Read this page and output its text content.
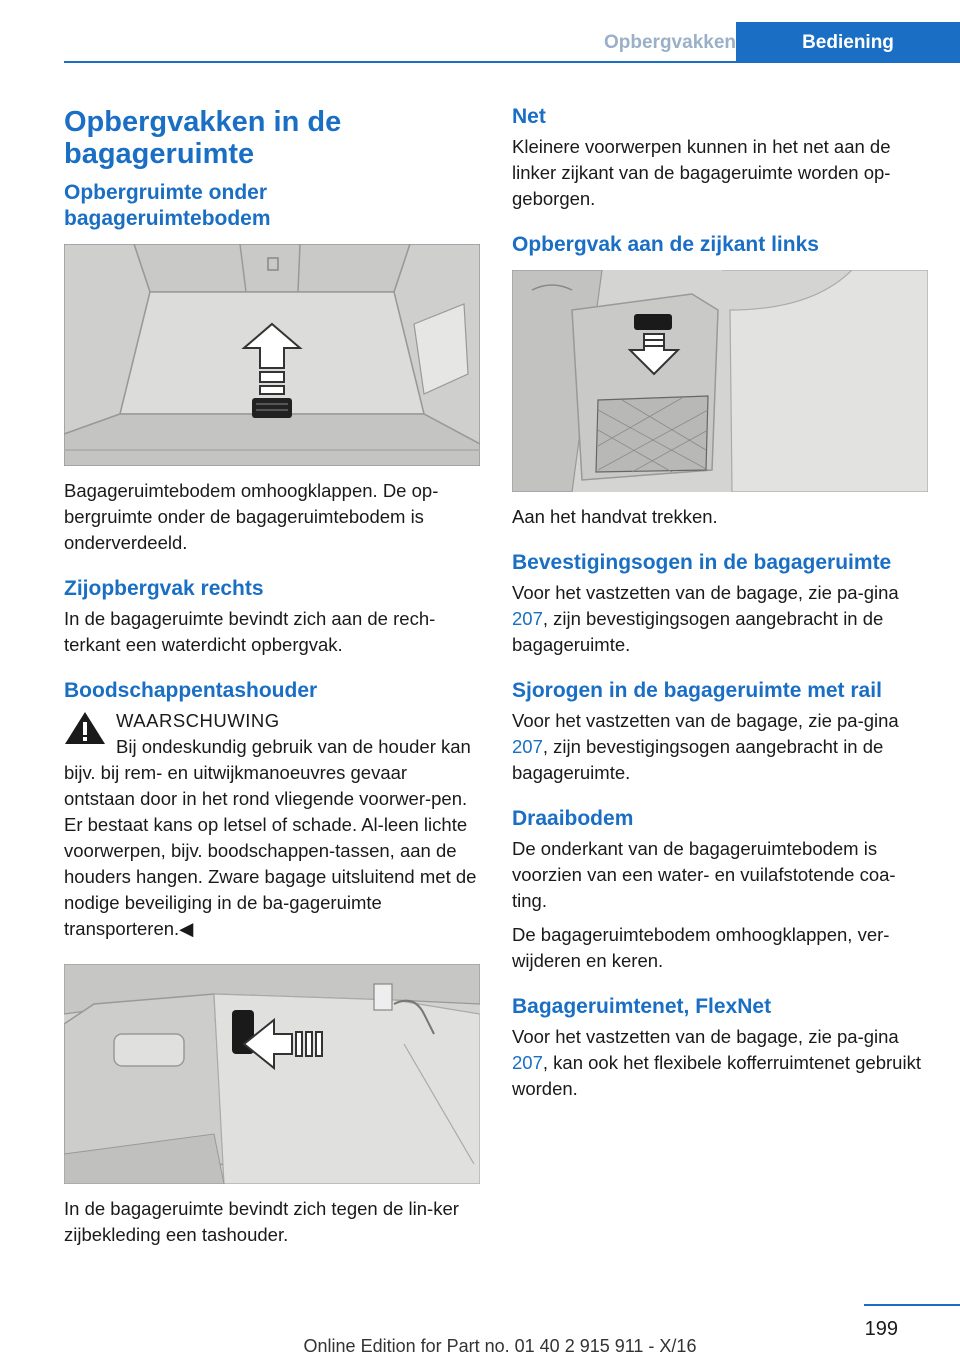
Opbergvakken	Bediening
Opbergvakken in de bagageruimte
Opbergruimte onder bagageruimtebodem

Bagageruimtebodem omhoogklappen. De op-bergruimte onder de bagageruimtebodem is onderverdeeld.

Zijopbergvak rechts

In de bagageruimte bevindt zich aan de rech-terkant een waterdicht opbergvak.

Boodschappentashouder
WAARSCHUWING

Bij ondeskundig gebruik van de houder kan bijv. bij rem- en uitwijkmanoeuvres gevaar ontstaan door in het rond vliegende voorwer-pen. Er bestaat kans op letsel of schade. Al-leen lichte voorwerpen, bijv. boodschappen-tassen, aan de houders hangen. Zware bagage uitsluitend met de nodige beveiliging in de ba-gageruimte transporteren.◀

In de bagageruimte bevindt zich tegen de lin-ker zijbekleding een tashouder.

Net

Kleinere voorwerpen kunnen in het net aan de linker zijkant van de bagageruimte worden op-geborgen.

Opbergvak aan de zijkant links

Aan het handvat trekken.

Bevestigingsogen in de bagageruimte

Voor het vastzetten van de bagage, zie pa-gina 207, zijn bevestigingsogen aangebracht in de bagageruimte.

Sjorogen in de bagageruimte met rail

Voor het vastzetten van de bagage, zie pa-gina 207, zijn bevestigingsogen aangebracht in de bagageruimte.

Draaibodem

De onderkant van de bagageruimtebodem is voorzien van een water- en vuilafstotende coa-ting.

De bagageruimtebodem omhoogklappen, ver-wijderen en keren.

Bagageruimtenet, FlexNet

Voor het vastzetten van de bagage, zie pa-gina 207, kan ook het flexibele kofferruimtenet gebruikt worden.

199
Online Edition for Part no. 01 40 2 915 911 - X/16
